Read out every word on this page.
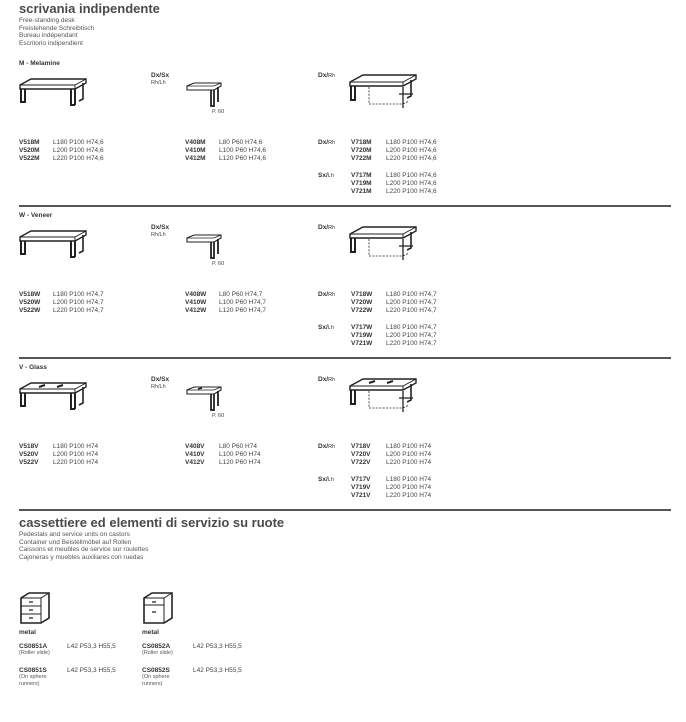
scrivania indipendente
Free-standing desk
Freistehende Schreibtisch
Bureau indépendant
Escritorio indipendient
M - Melamine
Dx/Sx
Rh/Lh
P. 60
Dx/Rh
V518M L180 P100 H74,6	V408M L80 P60 H74,6	V718M L180 P100 H74,6
V717M L180 P100 H74,6
V520M L200 P100 H74,6	V410M L100 P60 H74,6	V720M L200 P100 H74,6
V719M L200 P100 H74,6
V522M L220 P100 H74,6	V412M L120 P60 H74,6	V722M L220 P100 H74,6
V721M L220 P100 H74,6
Dx/Rh
Sx/Lh
W - Veneer
Dx/Sx
Rh/Lh
P. 60
Dx/Rh
V518W L180 P100 H74,7	V408W L80 P60 H74,7	V718W L180 P100 H74,7
V717W L180 P100 H74,7
V520W L200 P100 H74,7	V410W L100 P60 H74,7	V720W L200 P100 H74,7
V719W L200 P100 H74,7
V522W L220 P100 H74,7	V412W L120 P60 H74,7	V722W L220 P100 H74,7
V721W L220 P100 H74,7
Dx/Rh
Sx/Lh
V - Glass
Dx/Sx
Rh/Lh
P. 60
Dx/Rh
V518V L180 P100 H74	V408V L80 P60 H74	V718V L180 P100 H74
V717V L180 P100 H74
V520V L200 P100 H74	V410V L100 P60 H74	V720V L200 P100 H74
V719V L200 P100 H74
V522V L220 P100 H74	V412V L120 P60 H74	V722V L220 P100 H74
V721V L220 P100 H74
Dx/Rh
Sx/Lh
cassettiere ed elementi di servizio su ruote
Pedestals and service units on castors
Container und Beistellmöbel auf Rollen
Caissons et meubles de service sur roulettes
Cajoneras y muebles auxiliares con ruedas
metal	metal
CS0851A
(Roller slide)
L42 P53,3 H55,5
CS0851S
(On sphere
runners)
L42 P53,3 H55,5
CS0852A
(Roller slide)
L42 P53,3 H55,5
CS0852S
(On sphere
runners)
L42 P53,3 H55,5
